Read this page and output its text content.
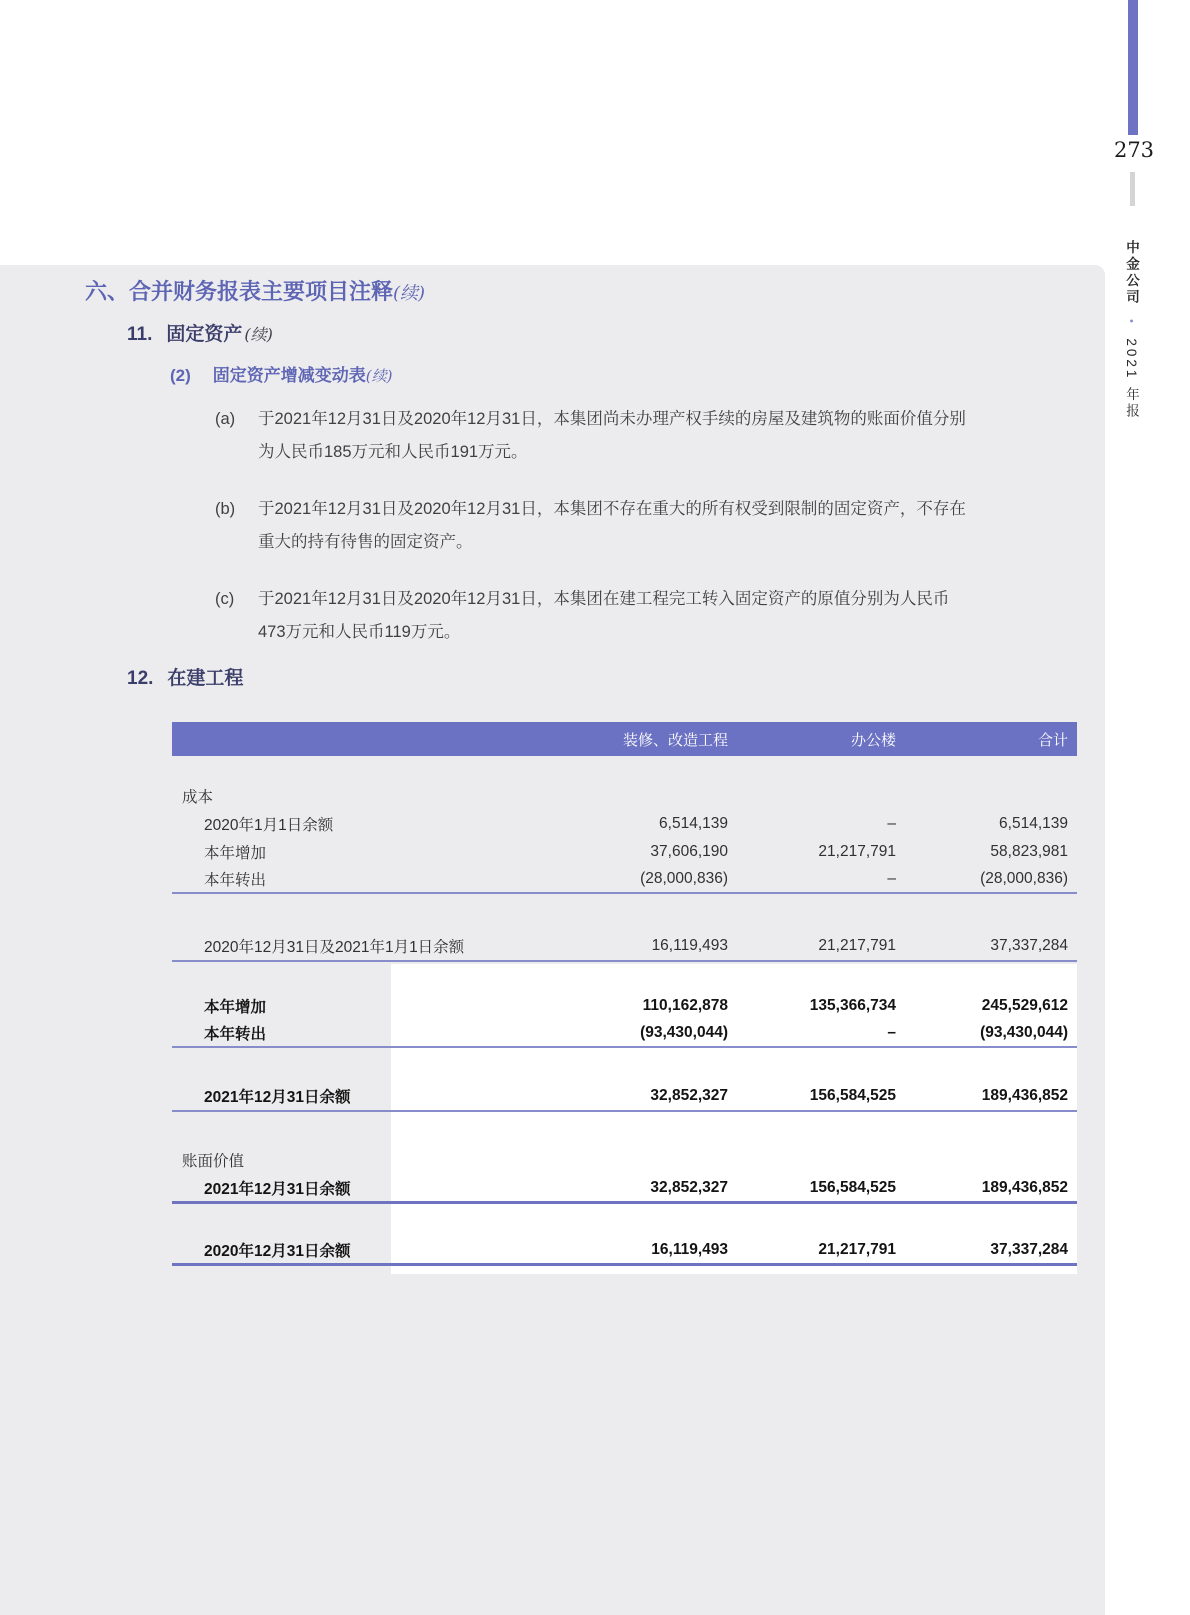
273
中金公司 • 2021 年报
六、合并财务报表主要项目注释(续)
11. 固定资产 (续)
(2) 固定资产增减变动表(续)
(a)	于2021年12月31日及2020年12月31日，本集团尚未办理产权手续的房屋及建筑物的账面价值分别
为人民币185万元和人民币191万元。
(b)	于2021年12月31日及2020年12月31日，本集团不存在重大的所有权受到限制的固定资产，不存在
重大的持有待售的固定资产。
(c)	于2021年12月31日及2020年12月31日，本集团在建工程完工转入固定资产的原值分别为人民币
473万元和人民币119万元。
12. 在建工程
装修、改造工程	办公楼	合计
成本
2020年1月1日余额	6,514,139	–	6,514,139
本年增加	37,606,190	21,217,791	58,823,981
本年转出	(28,000,836)	–	(28,000,836)
2020年12月31日及2021年1月1日余额	16,119,493	21,217,791	37,337,284
本年增加	110,162,878	135,366,734	245,529,612
本年转出	(93,430,044)	–	(93,430,044)
2021年12月31日余额	32,852,327	156,584,525	189,436,852
账面价值
2021年12月31日余额	32,852,327	156,584,525	189,436,852
2020年12月31日余额	16,119,493	21,217,791	37,337,284
